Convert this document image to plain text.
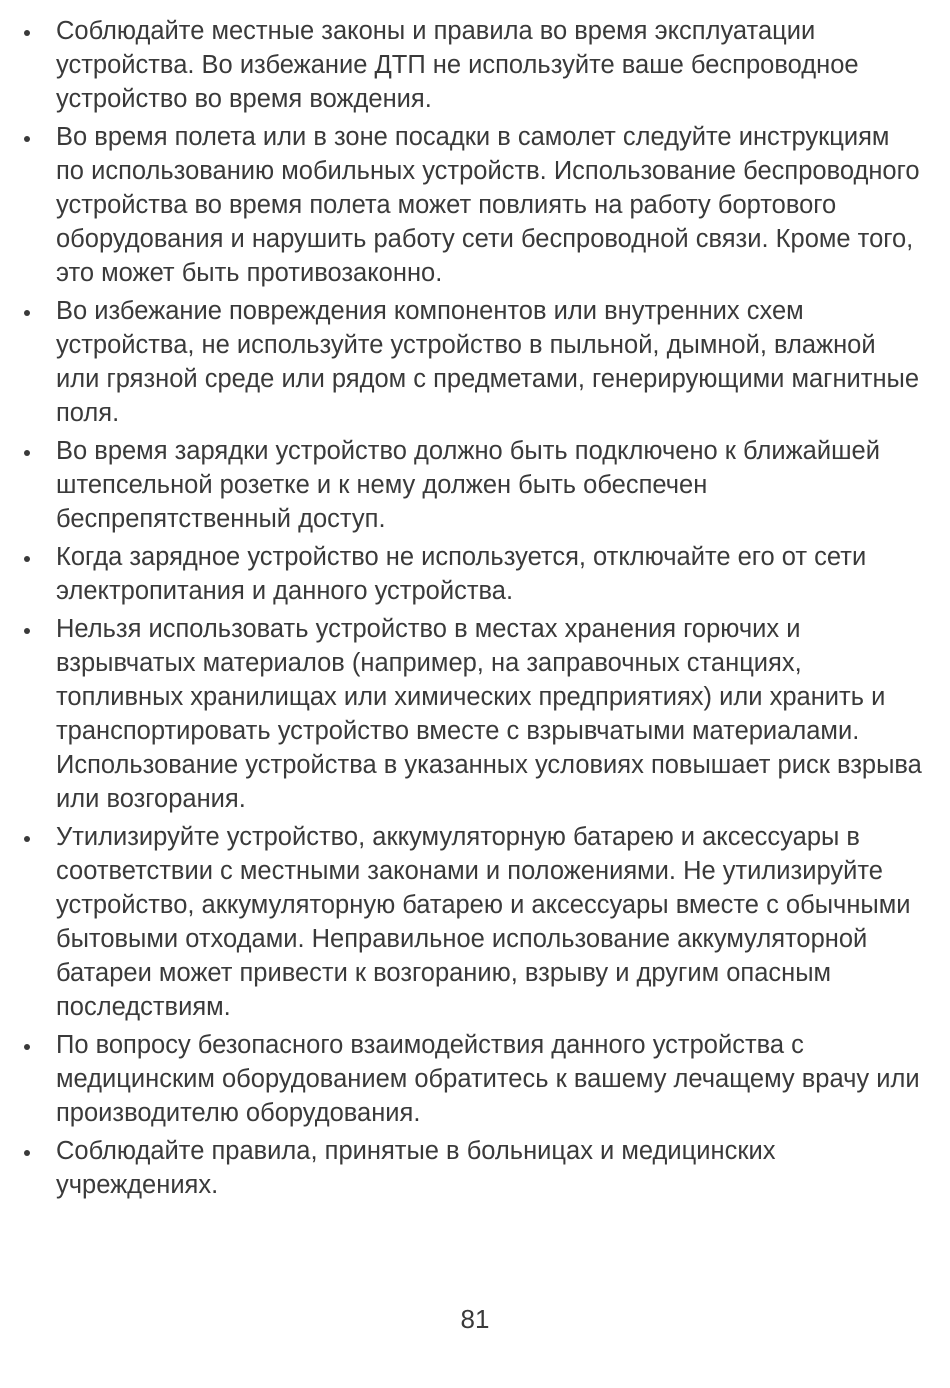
Соблюдайте местные законы и правила во время эксплуатации устройства. Во избежание ДТП не используйте ваше беспроводное устройство во время вождения.
Во время полета или в зоне посадки в самолет следуйте инструкциям по использованию мобильных устройств. Использование беспроводного устройства во время полета может повлиять на работу бортового оборудования и нарушить работу сети беспроводной связи. Кроме того, это может быть противозаконно.
Во избежание повреждения компонентов или внутренних схем устройства, не используйте устройство в пыльной, дымной, влажной или грязной среде или рядом с предметами, генерирующими магнитные поля.
Во время зарядки устройство должно быть подключено к ближайшей штепсельной розетке и к нему должен быть обеспечен беспрепятственный доступ.
Когда зарядное устройство не используется, отключайте его от сети электропитания и данного устройства.
Нельзя использовать устройство в местах хранения горючих и взрывчатых материалов (например, на заправочных станциях, топливных хранилищах или химических предприятиях) или хранить и транспортировать устройство вместе с взрывчатыми материалами. Использование устройства в указанных условиях повышает риск взрыва или возгорания.
Утилизируйте устройство, аккумуляторную батарею и аксессуары в соответствии с местными законами и положениями. Не утилизируйте устройство, аккумуляторную батарею и аксессуары вместе с обычными бытовыми отходами. Неправильное использование аккумуляторной батареи может привести к возгоранию, взрыву и другим опасным последствиям.
По вопросу безопасного взаимодействия данного устройства с медицинским оборудованием обратитесь к вашему лечащему врачу или производителю оборудования.
Соблюдайте правила, принятые в больницах и медицинских учреждениях.
81
